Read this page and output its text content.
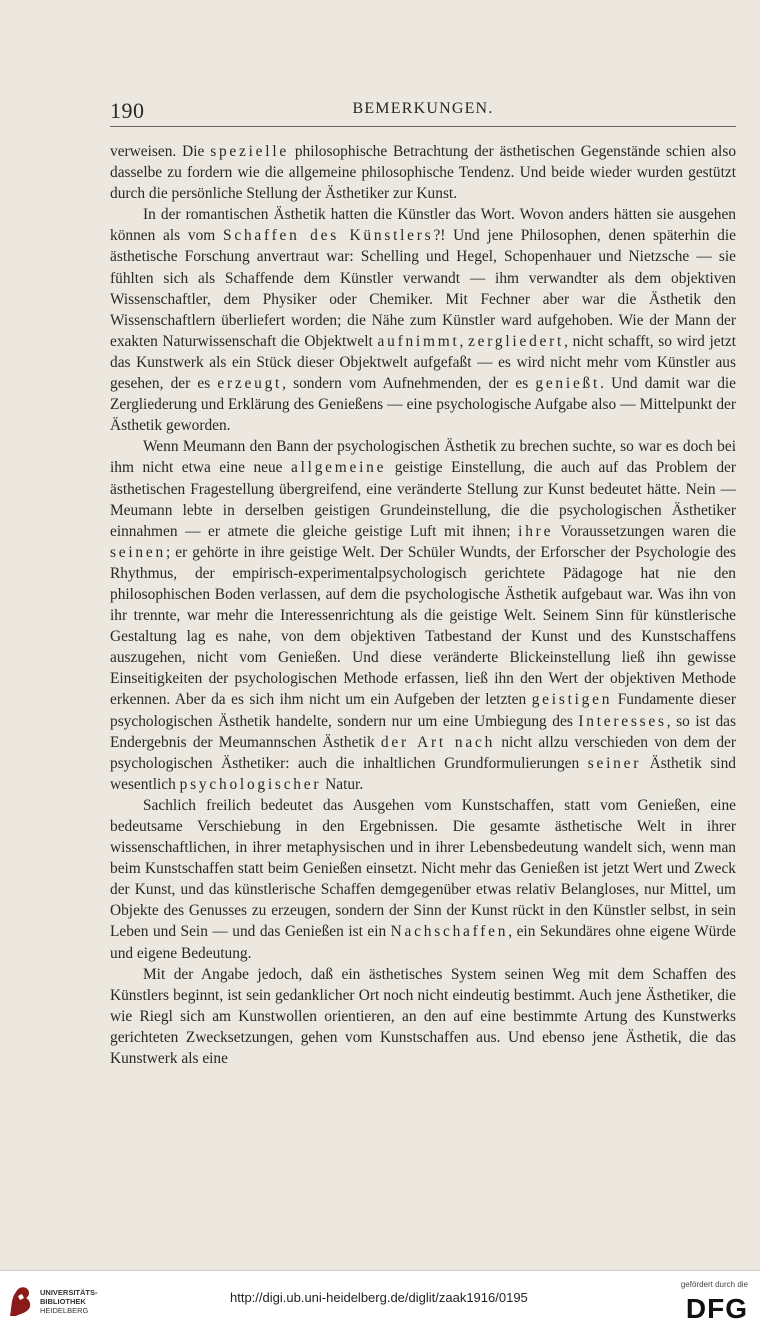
190	BEMERKUNGEN.

verweisen. Die spezielle philosophische Betrachtung der ästhetischen Gegenstände schien also dasselbe zu fordern wie die allgemeine philosophische Tendenz. Und beide wieder wurden gestützt durch die persönliche Stellung der Ästhetiker zur Kunst.

In der romantischen Ästhetik hatten die Künstler das Wort. Wovon anders hätten sie ausgehen können als vom Schaffen des Künstlers?! Und jene Philosophen, denen späterhin die ästhetische Forschung anvertraut war: Schelling und Hegel, Schopenhauer und Nietzsche — sie fühlten sich als Schaffende dem Künstler verwandt — ihm verwandter als dem objektiven Wissenschaftler, dem Physiker oder Chemiker. Mit Fechner aber war die Ästhetik den Wissenschaftlern überliefert worden; die Nähe zum Künstler ward aufgehoben. Wie der Mann der exakten Naturwissenschaft die Objektwelt aufnimmt, zergliedert, nicht schafft, so wird jetzt das Kunstwerk als ein Stück dieser Objektwelt aufgefaßt — es wird nicht mehr vom Künstler aus gesehen, der es erzeugt, sondern vom Aufnehmenden, der es genießt. Und damit war die Zergliederung und Erklärung des Genießens — eine psychologische Aufgabe also — Mittelpunkt der Ästhetik geworden.

Wenn Meumann den Bann der psychologischen Ästhetik zu brechen suchte, so war es doch bei ihm nicht etwa eine neue allgemeine geistige Einstellung, die auch auf das Problem der ästhetischen Fragestellung übergreifend, eine veränderte Stellung zur Kunst bedeutet hätte. Nein — Meumann lebte in derselben geistigen Grundeinstellung, die die psychologischen Ästhetiker einnahmen — er atmete die gleiche geistige Luft mit ihnen; ihre Voraussetzungen waren die seinen; er gehörte in ihre geistige Welt. Der Schüler Wundts, der Erforscher der Psychologie des Rhythmus, der empirisch-experimentalpsychologisch gerichtete Pädagoge hat nie den philosophischen Boden verlassen, auf dem die psychologische Ästhetik aufgebaut war. Was ihn von ihr trennte, war mehr die Interessenrichtung als die geistige Welt. Seinem Sinn für künstlerische Gestaltung lag es nahe, von dem objektiven Tatbestand der Kunst und des Kunstschaffens auszugehen, nicht vom Genießen. Und diese veränderte Blickeinstellung ließ ihn gewisse Einseitigkeiten der psychologischen Methode erfassen, ließ ihn den Wert der objektiven Methode erkennen. Aber da es sich ihm nicht um ein Aufgeben der letzten geistigen Fundamente dieser psychologischen Ästhetik handelte, sondern nur um eine Umbiegung des Interesses, so ist das Endergebnis der Meumannschen Ästhetik der Art nach nicht allzu verschieden von dem der psychologischen Ästhetiker: auch die inhaltlichen Grundformulierungen seiner Ästhetik sind wesentlich psychologischer Natur.

Sachlich freilich bedeutet das Ausgehen vom Kunstschaffen, statt vom Genießen, eine bedeutsame Verschiebung in den Ergebnissen. Die gesamte ästhetische Welt in ihrer wissenschaftlichen, in ihrer metaphysischen und in ihrer Lebensbedeutung wandelt sich, wenn man beim Kunstschaffen statt beim Genießen einsetzt. Nicht mehr das Genießen ist jetzt Wert und Zweck der Kunst, und das künstlerische Schaffen demgegenüber etwas relativ Belangloses, nur Mittel, um Objekte des Genusses zu erzeugen, sondern der Sinn der Kunst rückt in den Künstler selbst, in sein Leben und Sein — und das Genießen ist ein Nachschaffen, ein Sekundäres ohne eigene Würde und eigene Bedeutung.

Mit der Angabe jedoch, daß ein ästhetisches System seinen Weg mit dem Schaffen des Künstlers beginnt, ist sein gedanklicher Ort noch nicht eindeutig bestimmt. Auch jene Ästhetiker, die wie Riegl sich am Kunstwollen orientieren, an den auf eine bestimmte Artung des Kunstwerks gerichteten Zwecksetzungen, gehen vom Kunstschaffen aus. Und ebenso jene Ästhetik, die das Kunstwerk als eine

UNIVERSITÄTS-
BIBLIOTHEK
HEIDELBERG
http://digi.ub.uni-heidelberg.de/diglit/zaak1916/0195
gefördert durch die
DFG
